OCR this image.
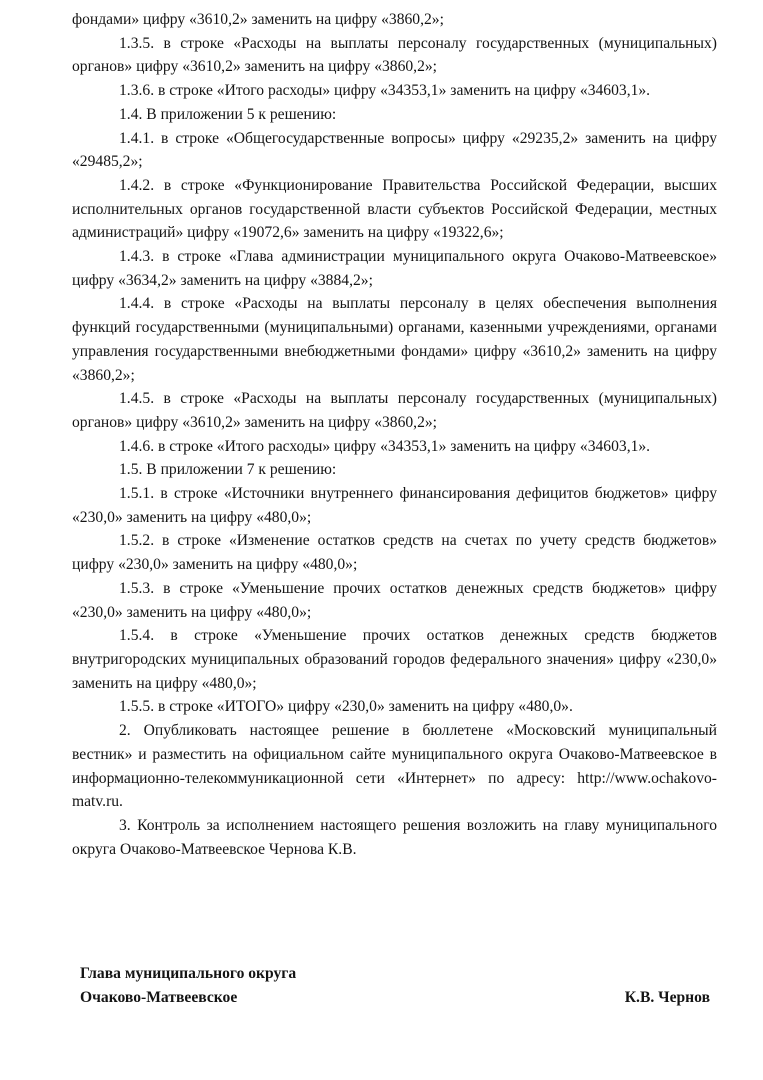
фондами» цифру «3610,2» заменить на цифру «3860,2»;

1.3.5. в строке «Расходы на выплаты персоналу государственных (муниципальных) органов» цифру «3610,2» заменить на цифру «3860,2»;

1.3.6. в строке «Итого расходы» цифру «34353,1» заменить на цифру «34603,1».

1.4. В приложении 5 к решению:

1.4.1. в строке «Общегосударственные вопросы» цифру «29235,2» заменить на цифру «29485,2»;

1.4.2. в строке «Функционирование Правительства Российской Федерации, высших исполнительных органов государственной власти субъектов Российской Федерации, местных администраций» цифру «19072,6» заменить на цифру «19322,6»;

1.4.3. в строке «Глава администрации муниципального округа Очаково-Матвеевское» цифру «3634,2» заменить на цифру «3884,2»;

1.4.4. в строке «Расходы на выплаты персоналу в целях обеспечения выполнения функций государственными (муниципальными) органами, казенными учреждениями, органами управления государственными внебюджетными фондами» цифру «3610,2» заменить на цифру «3860,2»;

1.4.5. в строке «Расходы на выплаты персоналу государственных (муниципальных) органов» цифру «3610,2» заменить на цифру «3860,2»;

1.4.6. в строке «Итого расходы» цифру «34353,1» заменить на цифру «34603,1».

1.5. В приложении 7 к решению:

1.5.1. в строке «Источники внутреннего финансирования дефицитов бюджетов» цифру «230,0» заменить на цифру «480,0»;

1.5.2. в строке «Изменение остатков средств на счетах по учету средств бюджетов» цифру «230,0» заменить на цифру «480,0»;

1.5.3. в строке «Уменьшение прочих остатков денежных средств бюджетов» цифру «230,0» заменить на цифру «480,0»;

1.5.4. в строке «Уменьшение прочих остатков денежных средств бюджетов внутригородских муниципальных образований городов федерального значения» цифру «230,0» заменить на цифру «480,0»;

1.5.5. в строке «ИТОГО» цифру «230,0» заменить на цифру «480,0».

2. Опубликовать настоящее решение в бюллетене «Московский муниципальный вестник» и разместить на официальном сайте муниципального округа Очаково-Матвеевское в информационно-телекоммуникационной сети «Интернет» по адресу: http://www.ochakovo-matv.ru.

3. Контроль за исполнением настоящего решения возложить на главу муниципального округа Очаково-Матвеевское Чернова К.В.

Глава муниципального округа
Очаково-Матвеевское	К.В. Чернов
